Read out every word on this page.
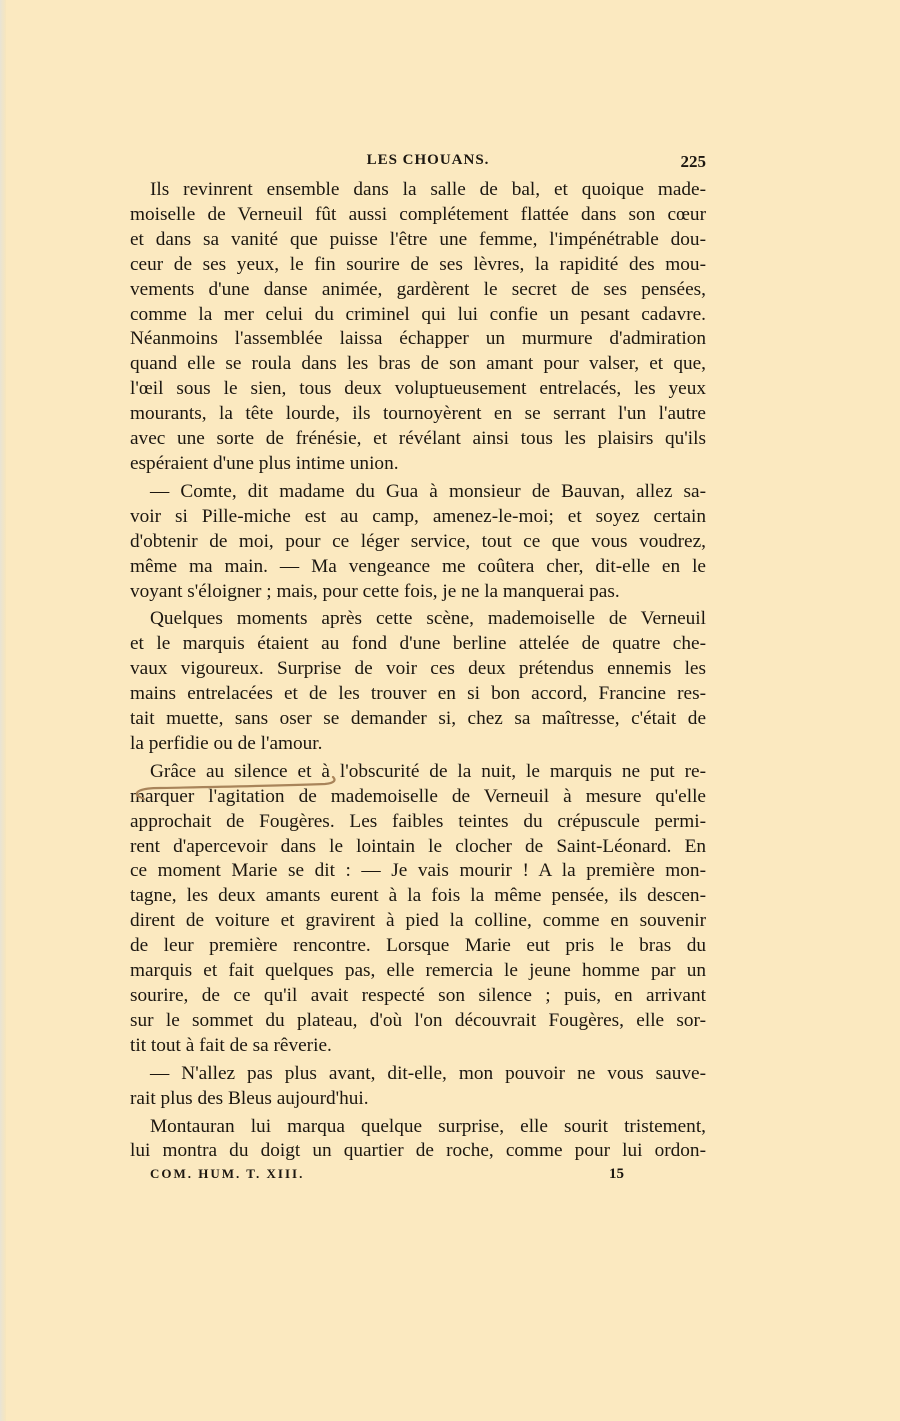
LES CHOUANS.	225

Ils revinrent ensemble dans la salle de bal, et quoique made-
moiselle de Verneuil fût aussi complétement flattée dans son cœur
et dans sa vanité que puisse l'être une femme, l'impénétrable dou-
ceur de ses yeux, le fin sourire de ses lèvres, la rapidité des mou-
vements d'une danse animée, gardèrent le secret de ses pensées,
comme la mer celui du criminel qui lui confie un pesant cadavre.
Néanmoins l'assemblée laissa échapper un murmure d'admiration
quand elle se roula dans les bras de son amant pour valser, et que,
l'œil sous le sien, tous deux voluptueusement entrelacés, les yeux
mourants, la tête lourde, ils tournoyèrent en se serrant l'un l'autre
avec une sorte de frénésie, et révélant ainsi tous les plaisirs qu'ils
espéraient d'une plus intime union.

— Comte, dit madame du Gua à monsieur de Bauvan, allez sa-
voir si Pille-miche est au camp, amenez-le-moi; et soyez certain
d'obtenir de moi, pour ce léger service, tout ce que vous voudrez,
même ma main. — Ma vengeance me coûtera cher, dit-elle en le
voyant s'éloigner ; mais, pour cette fois, je ne la manquerai pas.

Quelques moments après cette scène, mademoiselle de Verneuil
et le marquis étaient au fond d'une berline attelée de quatre che-
vaux vigoureux. Surprise de voir ces deux prétendus ennemis les
mains entrelacées et de les trouver en si bon accord, Francine res-
tait muette, sans oser se demander si, chez sa maîtresse, c'était de
la perfidie ou de l'amour.

Grâce au silence et à l'obscurité de la nuit, le marquis ne put re-
marquer l'agitation de mademoiselle de Verneuil à mesure qu'elle
approchait de Fougères. Les faibles teintes du crépuscule permi-
rent d'apercevoir dans le lointain le clocher de Saint-Léonard. En
ce moment Marie se dit : — Je vais mourir ! A la première mon-
tagne, les deux amants eurent à la fois la même pensée, ils descen-
dirent de voiture et gravirent à pied la colline, comme en souvenir
de leur première rencontre. Lorsque Marie eut pris le bras du
marquis et fait quelques pas, elle remercia le jeune homme par un
sourire, de ce qu'il avait respecté son silence ; puis, en arrivant
sur le sommet du plateau, d'où l'on découvrait Fougères, elle sor-
tit tout à fait de sa rêverie.

— N'allez pas plus avant, dit-elle, mon pouvoir ne vous sauve-
rait plus des Bleus aujourd'hui.

Montauran lui marqua quelque surprise, elle sourit tristement,
lui montra du doigt un quartier de roche, comme pour lui ordon-

COM. HUM. T. XIII.	15
